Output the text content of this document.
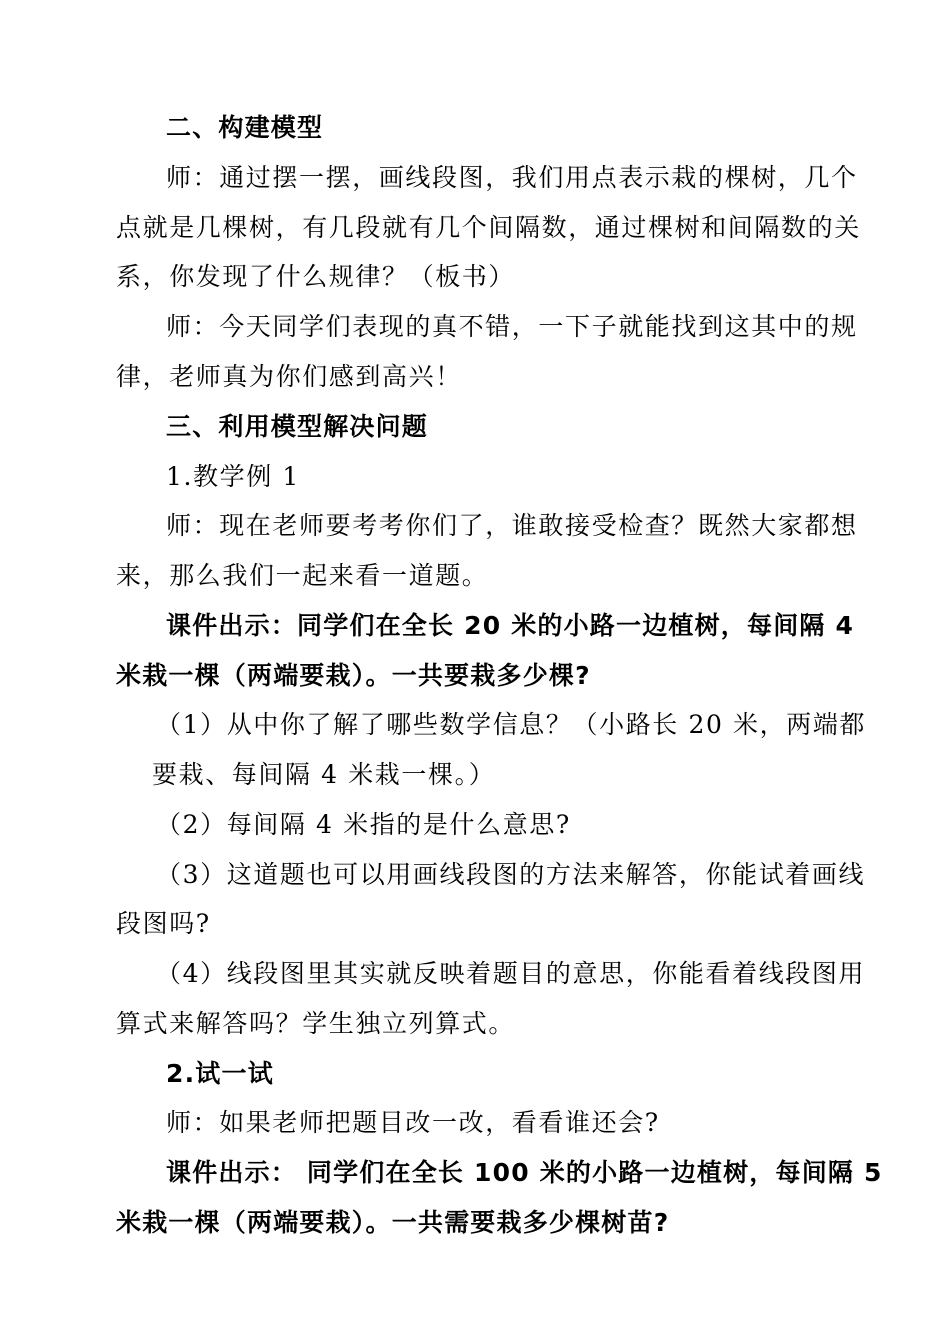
二、构建模型
师：通过摆一摆，画线段图，我们用点表示栽的棵树，几个
点就是几棵树，有几段就有几个间隔数，通过棵树和间隔数的关
系，你发现了什么规律？（板书）
师：今天同学们表现的真不错，一下子就能找到这其中的规
律，老师真为你们感到高兴！
三、利用模型解决问题
1.教学例 1
师：现在老师要考考你们了，谁敢接受检查？既然大家都想
来，那么我们一起来看一道题。
课件出示：同学们在全长 20 米的小路一边植树，每间隔 4
米栽一棵（两端要栽）。一共要栽多少棵?
（1）从中你了解了哪些数学信息？（小路长 20 米，两端都
要栽、每间隔 4 米栽一棵。）
（2）每间隔 4 米指的是什么意思?
（3）这道题也可以用画线段图的方法来解答，你能试着画线
段图吗?
（4）线段图里其实就反映着题目的意思，你能看着线段图用
算式来解答吗？学生独立列算式。
2.试一试
师：如果老师把题目改一改，看看谁还会?
课件出示： 同学们在全长 100 米的小路一边植树，每间隔 5
米栽一棵（两端要栽）。一共需要栽多少棵树苗?
